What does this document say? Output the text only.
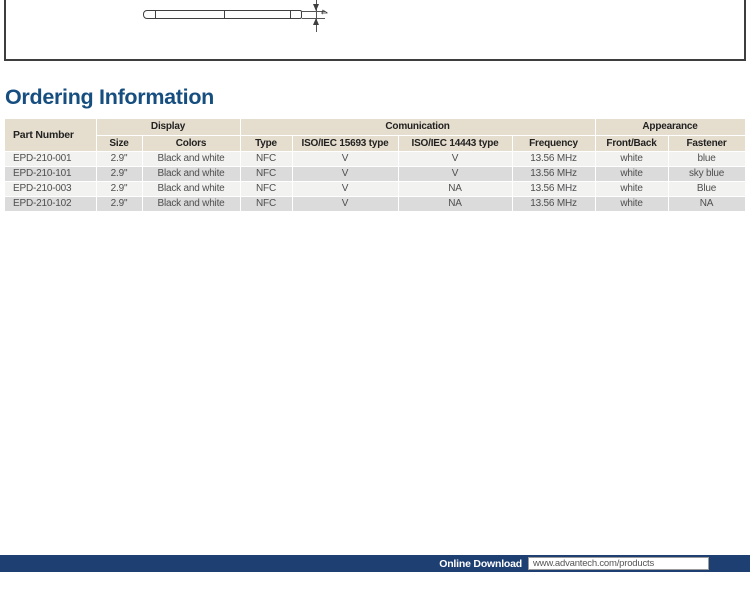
4
Ordering Information
Part Number	Display		Comunication				Appearance	
	Size	Colors	Type	ISO/IEC 15693 type	ISO/IEC 14443 type	Frequency	Front/Back	Fastener
EPD-210-001	2.9"	Black and white	NFC	V	V	13.56 MHz	white	blue
EPD-210-101	2.9"	Black and white	NFC	V	V	13.56 MHz	white	sky blue
EPD-210-003	2.9"	Black and white	NFC	V	NA	13.56 MHz	white	Blue
EPD-210-102	2.9"	Black and white	NFC	V	NA	13.56 MHz	white	NA
Online Download	www.advantech.com/products
